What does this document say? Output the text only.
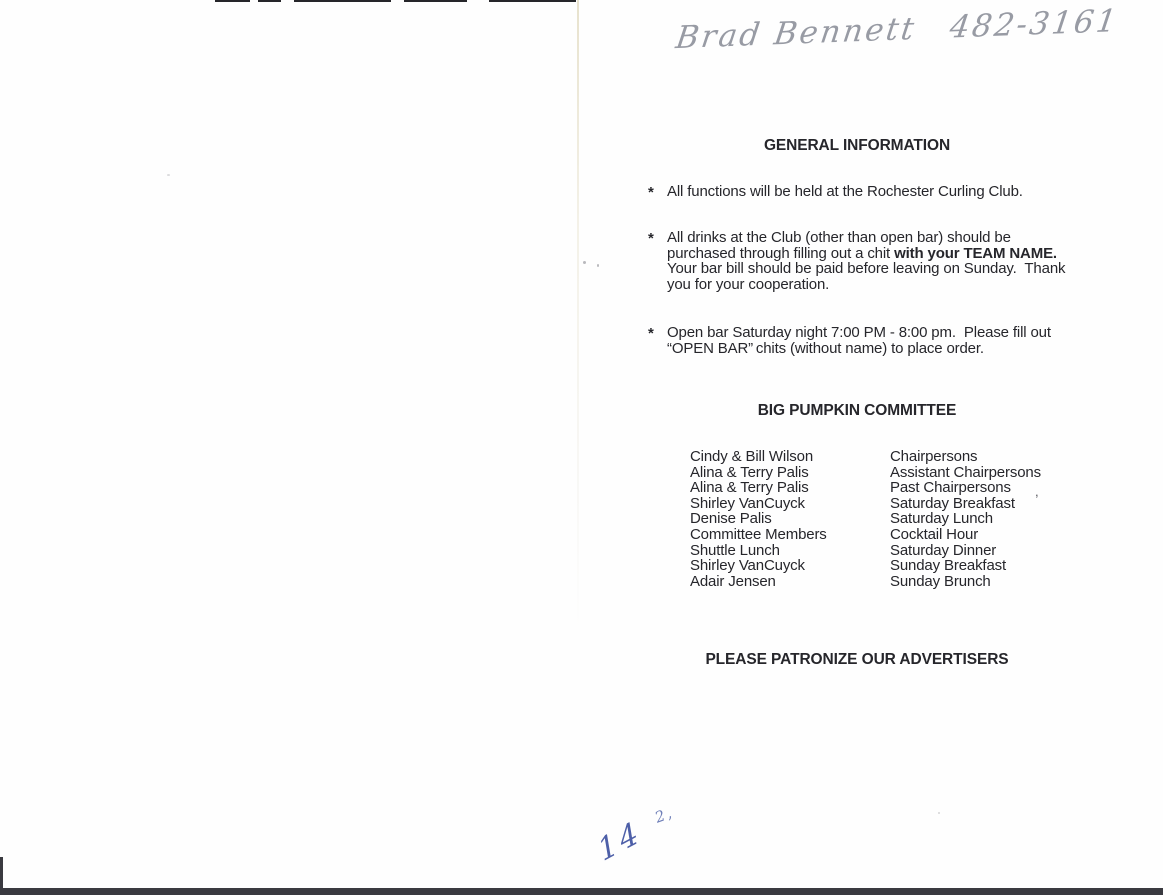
Brad Bennett 482-3161
GENERAL INFORMATION
* All functions will be held at the Rochester Curling Club.

* All drinks at the Club (other than open bar) should be purchased through filling out a chit with your TEAM NAME.  Your bar bill should be paid before leaving on Sunday.  Thank you for your cooperation.

* Open bar Saturday night 7:00 PM - 8:00 pm.  Please fill out “OPEN BAR” chits (without name) to place order.

BIG PUMPKIN COMMITTEE
PLEASE PATRONIZE OUR ADVERTISERS
Cindy & Bill Wilson	Chairpersons
Alina & Terry Palis	Assistant Chairpersons
Alina & Terry Palis	Past Chairpersons
Shirley VanCuyck	Saturday Breakfast
Denise Palis	Saturday Lunch
Committee Members	Cocktail Hour
Shuttle Lunch	Saturday Dinner
Shirley VanCuyck	Sunday Breakfast
Adair Jensen	Sunday Brunch
,
14 2,
